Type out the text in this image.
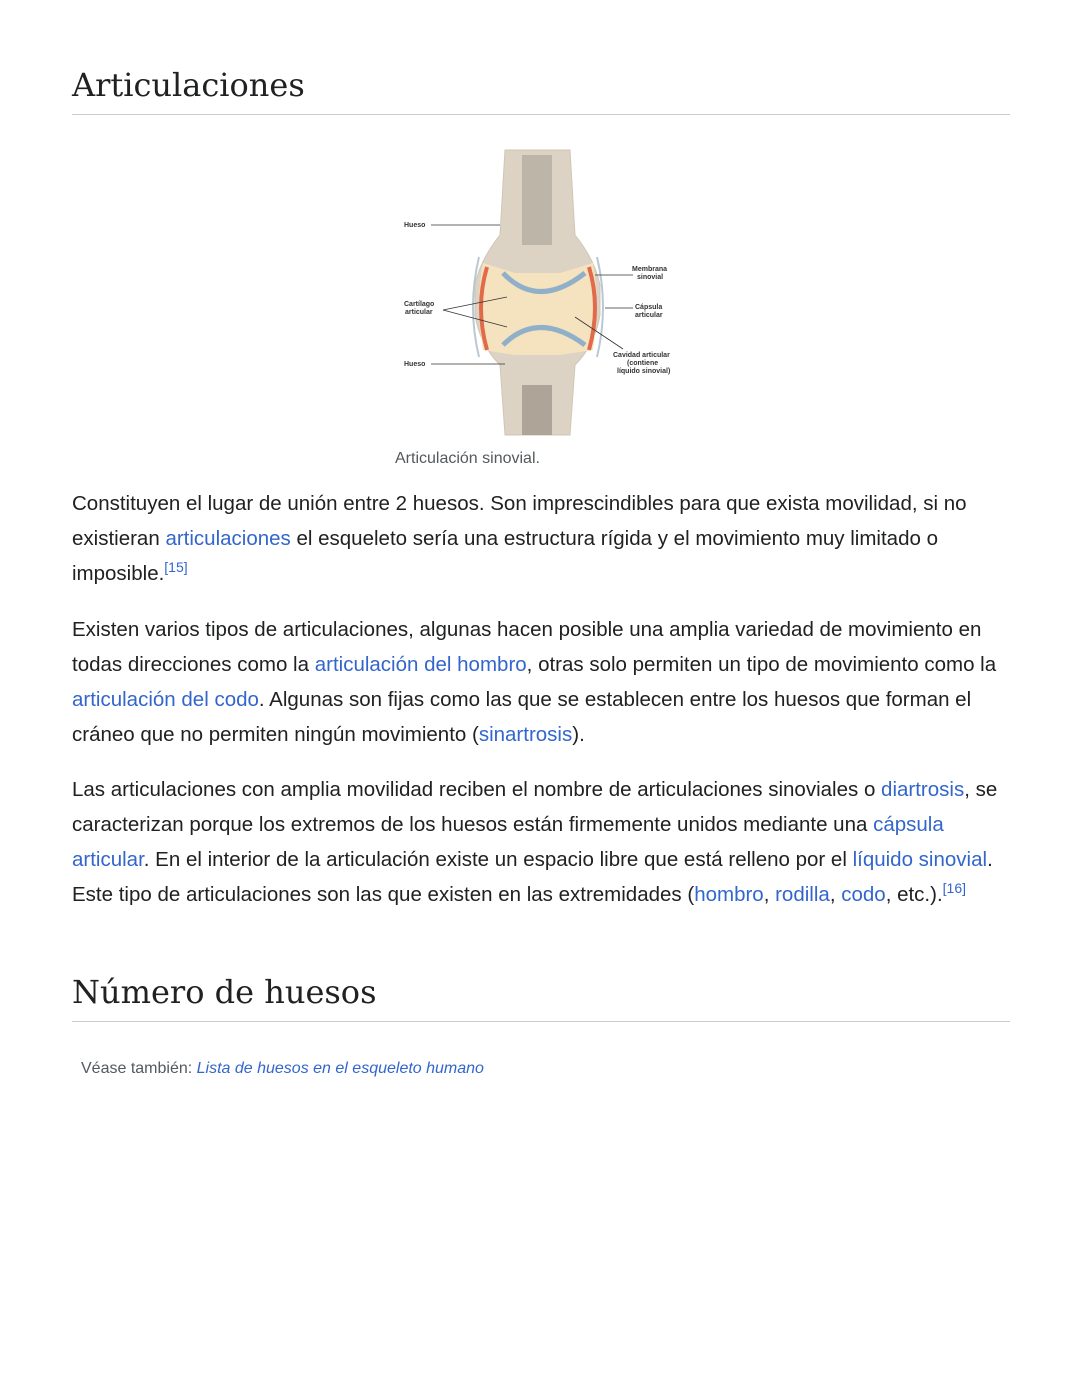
Articulaciones
Hueso
Cartílago
articular
Hueso
Membrana
sinovial
Cápsula
articular
Cavidad articular
(contiene
líquido sinovial)
Articulación sinovial.

Constituyen el lugar de unión entre 2 huesos. Son imprescindibles para que exista movilidad, si no existieran articulaciones el esqueleto sería una estructura rígida y el movimiento muy limitado o imposible.[15]

Existen varios tipos de articulaciones, algunas hacen posible una amplia variedad de movimiento en todas direcciones como la articulación del hombro, otras solo permiten un tipo de movimiento como la articulación del codo. Algunas son fijas como las que se establecen entre los huesos que forman el cráneo que no permiten ningún movimiento (sinartrosis).

Las articulaciones con amplia movilidad reciben el nombre de articulaciones sinoviales o diartrosis, se caracterizan porque los extremos de los huesos están firmemente unidos mediante una cápsula articular. En el interior de la articulación existe un espacio libre que está relleno por el líquido sinovial. Este tipo de articulaciones son las que existen en las extremidades (hombro, rodilla, codo, etc.).[16]

Número de huesos
Véase también: Lista de huesos en el esqueleto humano
